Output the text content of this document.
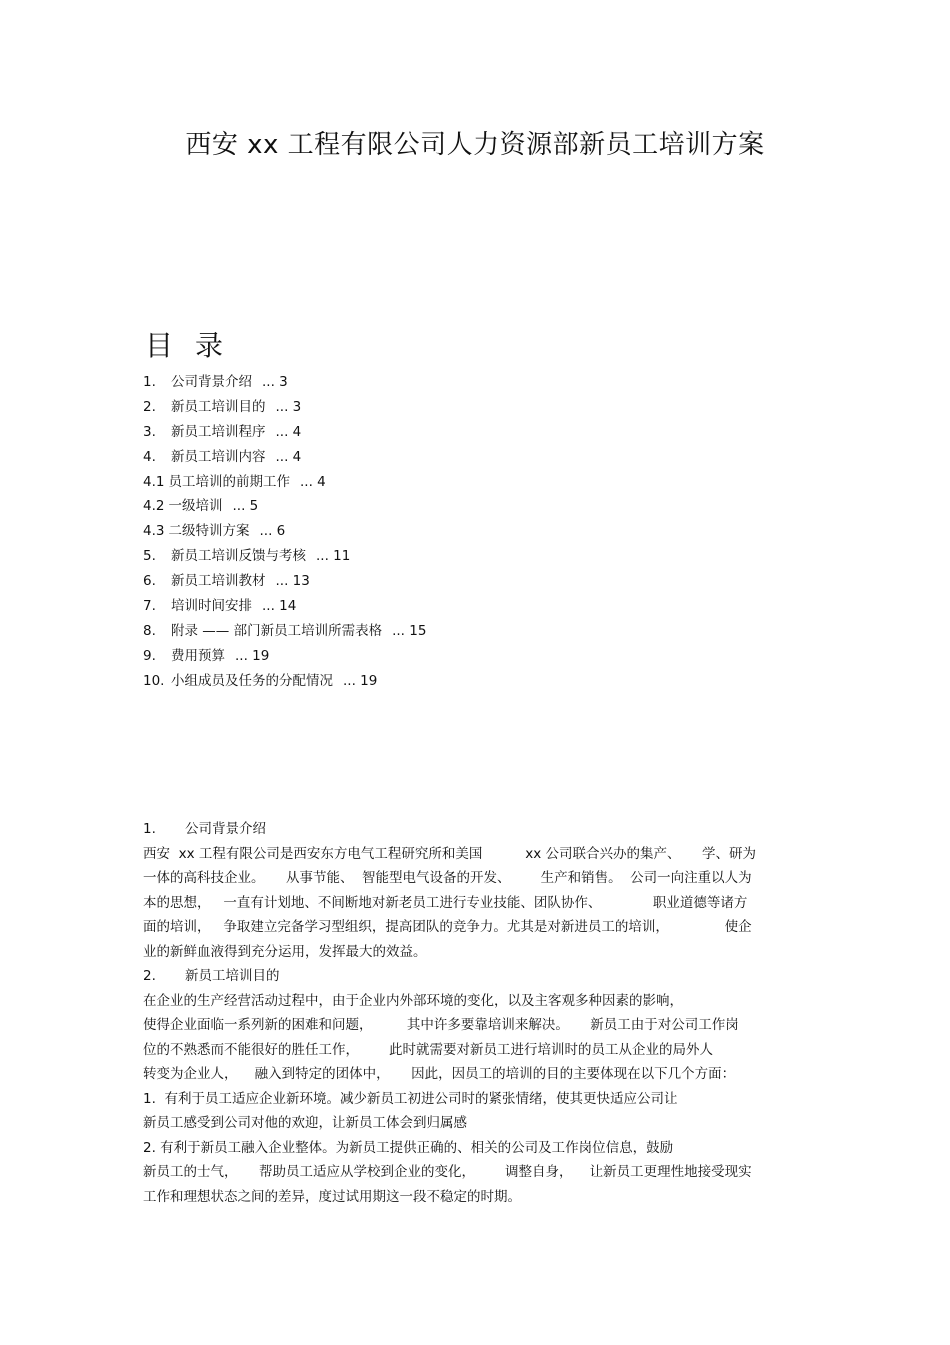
西安 xx 工程有限公司人力资源部新员工培训方案
目录
1. 公司背景介绍 ... 3
2. 新员工培训目的 ... 3
3. 新员工培训程序 ... 4
4. 新员工培训内容 ... 4
4.1 员工培训的前期工作 ... 4
4.2 一级培训 ... 5
4.3 二级特训方案 ... 6
5. 新员工培训反馈与考核 ... 11
6. 新员工培训教材 ... 13
7. 培训时间安排 ... 14
8. 附录 —— 部门新员工培训所需表格 ... 15
9. 费用预算 ... 19
10. 小组成员及任务的分配情况 ... 19
1. 公司背景介绍
西安  xx 工程有限公司是西安东方电气工程研究所和美国          xx 公司联合兴办的集产、     学、研为
一体的高科技企业。     从事节能、  智能型电气设备的开发、       生产和销售。  公司一向注重以人为
本的思想，   一直有计划地、不间断地对新老员工进行专业技能、团队协作、            职业道德等诸方
面的培训，   争取建立完备学习型组织，提高团队的竞争力。尤其是对新进员工的培训，             使企
业的新鲜血液得到充分运用，发挥最大的效益。
2. 新员工培训目的
在企业的生产经营活动过程中，由于企业内外部环境的变化，以及主客观多种因素的影响，
使得企业面临一系列新的困难和问题，        其中许多要靠培训来解决。     新员工由于对公司工作岗
位的不熟悉而不能很好的胜任工作，       此时就需要对新员工进行培训时的员工从企业的局外人
转变为企业人，    融入到特定的团体中，     因此，因员工的培训的目的主要体现在以下几个方面：
1.  有利于员工适应企业新环境。减少新员工初进公司时的紧张情绪，使其更快适应公司让
新员工感受到公司对他的欢迎，让新员工体会到归属感
2. 有利于新员工融入企业整体。为新员工提供正确的、相关的公司及工作岗位信息，鼓励
新员工的士气，     帮助员工适应从学校到企业的变化，       调整自身，    让新员工更理性地接受现实
工作和理想状态之间的差异，度过试用期这一段不稳定的时期。
